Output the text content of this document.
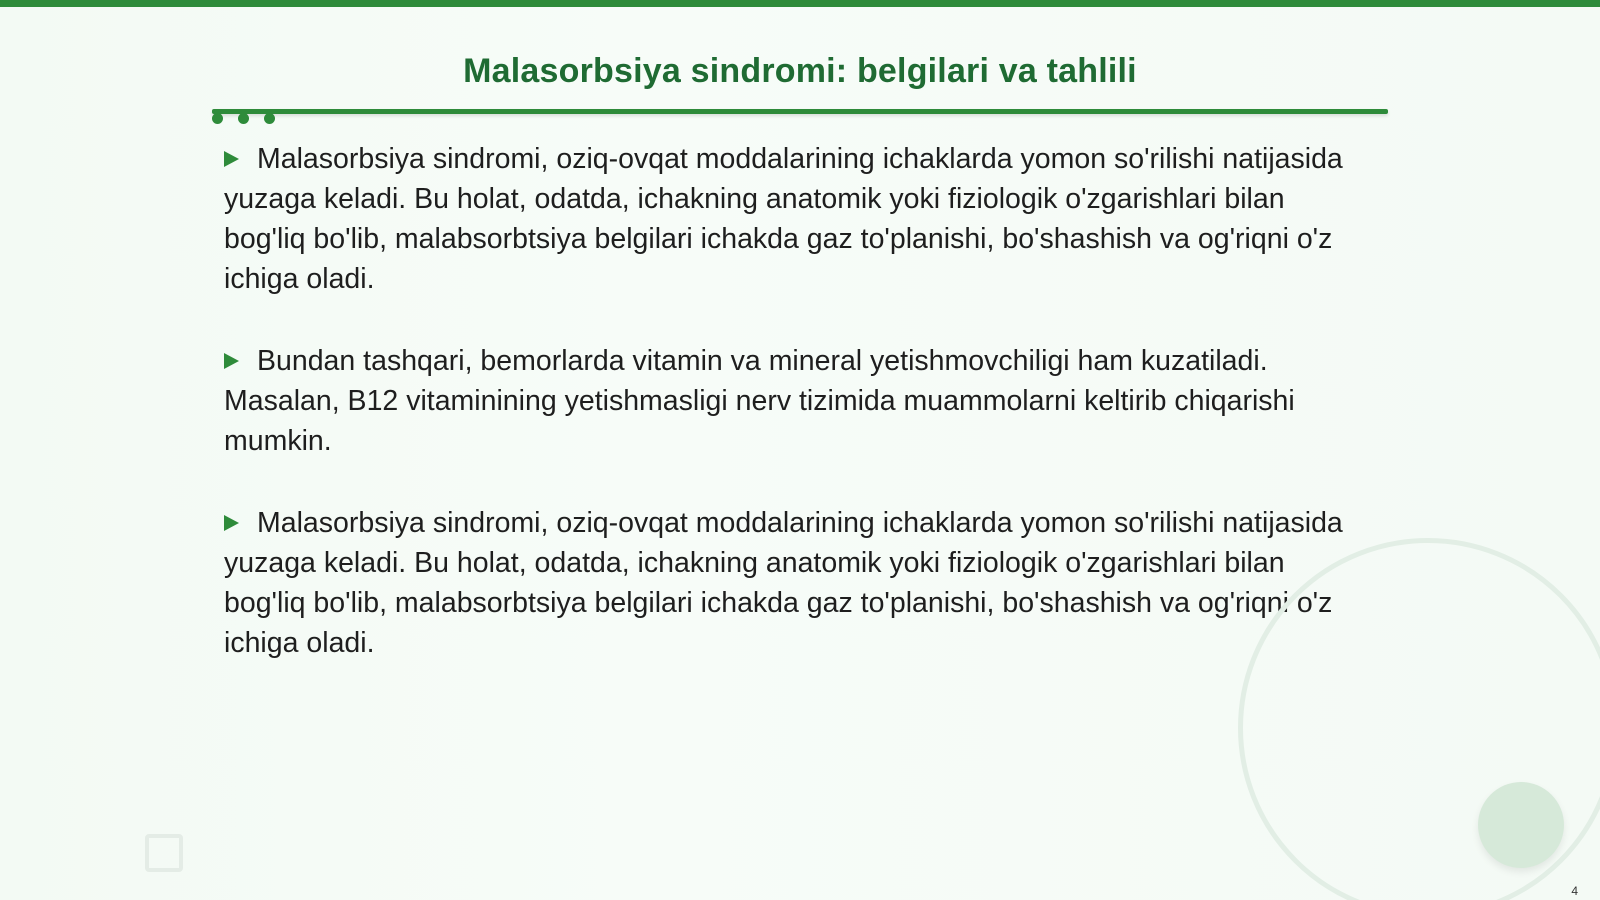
Malasorbsiya sindromi: belgilari va tahlili

Malasorbsiya sindromi, oziq-ovqat moddalarining ichaklarda yomon so'rilishi natijasida yuzaga keladi. Bu holat, odatda, ichakning anatomik yoki fiziologik o'zgarishlari bilan bog'liq bo'lib, malabsorbtsiya belgilari ichakda gaz to'planishi, bo'shashish va og'riqni o'z ichiga oladi.

Bundan tashqari, bemorlarda vitamin va mineral yetishmovchiligi ham kuzatiladi. Masalan, B12 vitaminining yetishmasligi nerv tizimida muammolarni keltirib chiqarishi mumkin.

Malasorbsiya sindromi, oziq-ovqat moddalarining ichaklarda yomon so'rilishi natijasida yuzaga keladi. Bu holat, odatda, ichakning anatomik yoki fiziologik o'zgarishlari bilan bog'liq bo'lib, malabsorbtsiya belgilari ichakda gaz to'planishi, bo'shashish va og'riqni o'z ichiga oladi.

4
